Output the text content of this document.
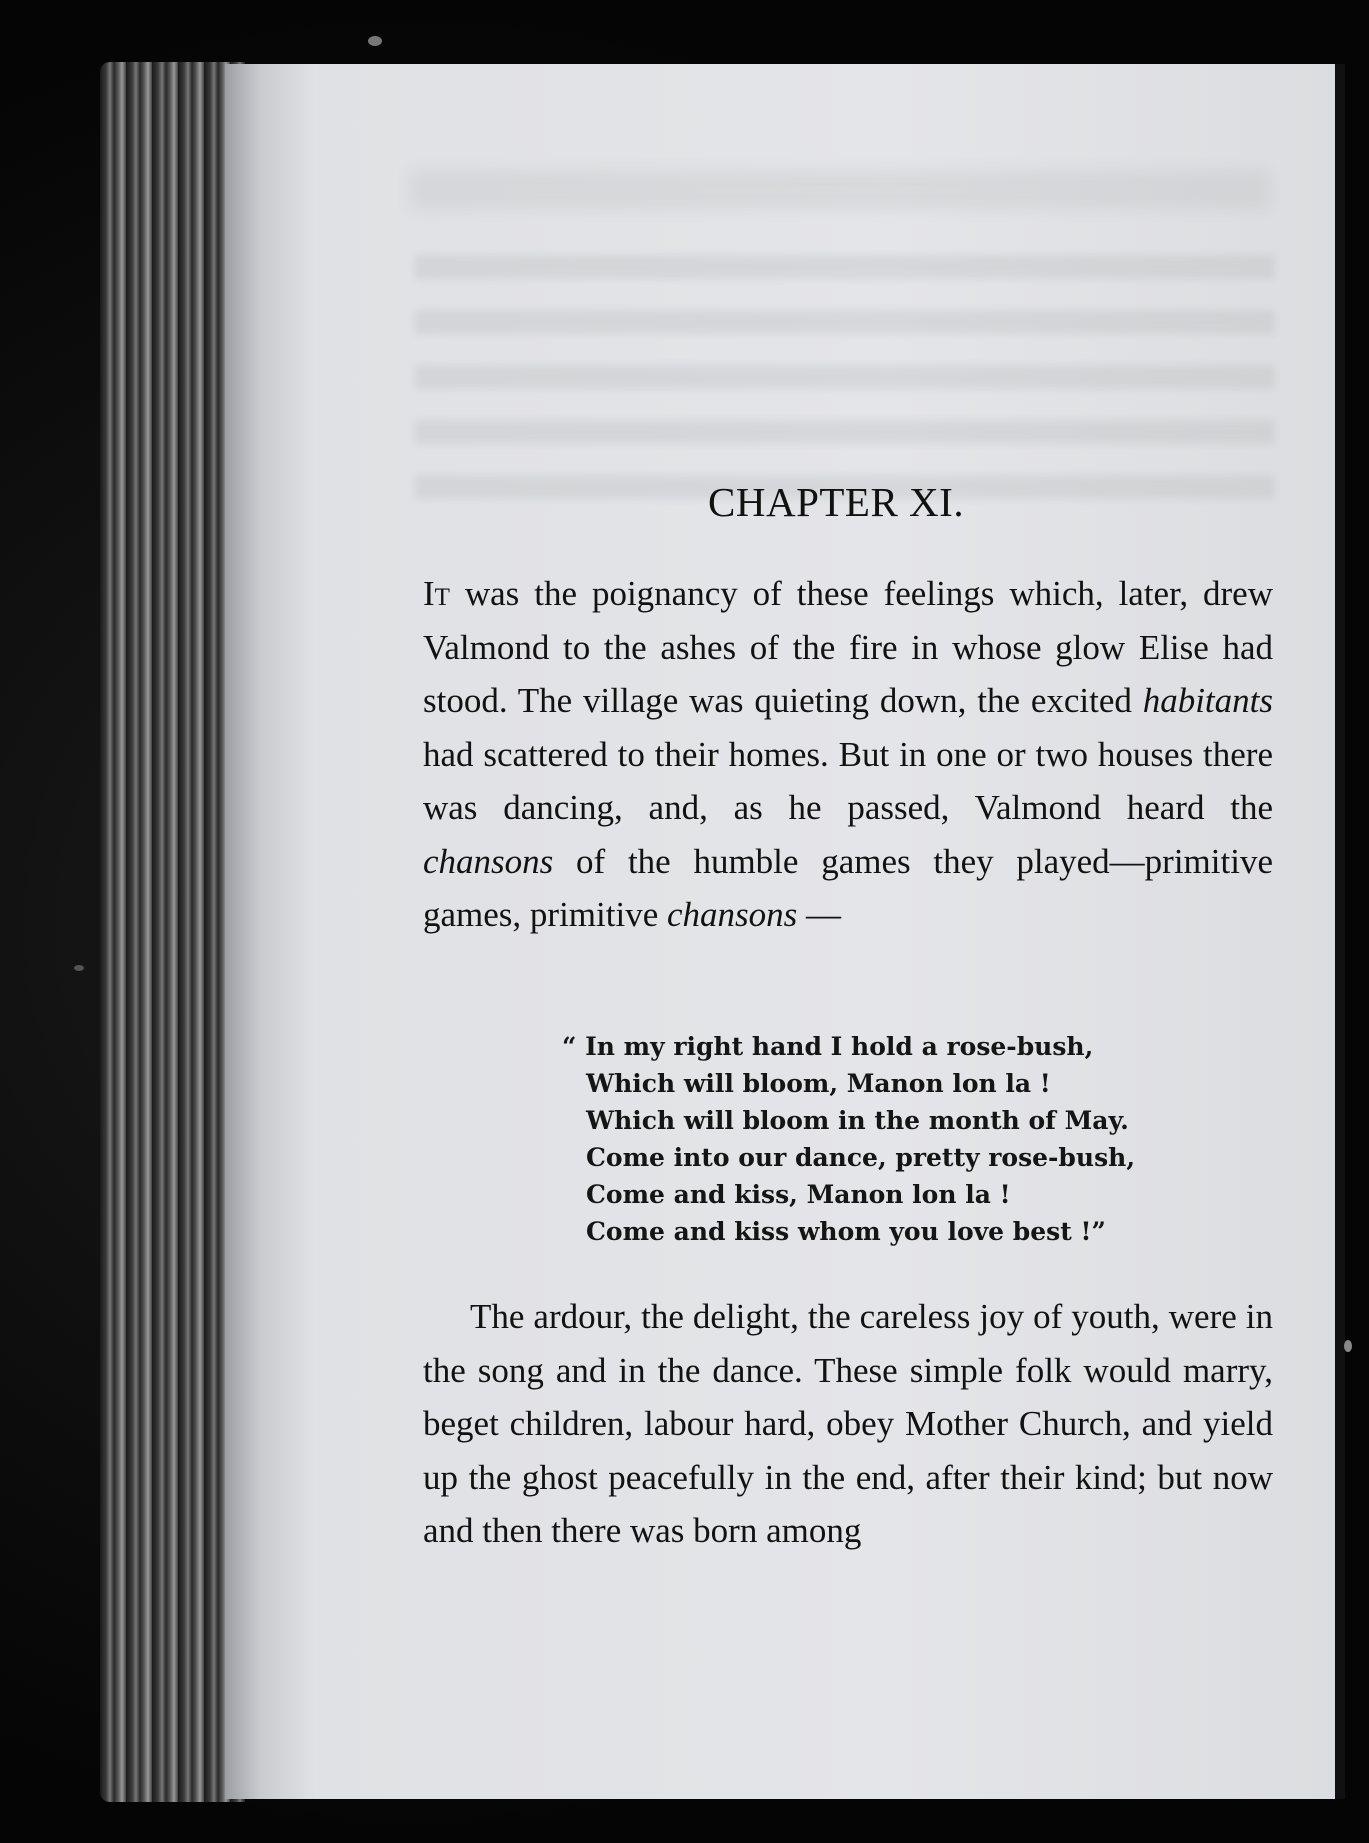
CHAPTER XI.

It was the poignancy of these feelings which, later, drew Valmond to the ashes of the fire in whose glow Elise had stood. The village was quieting down, the excited habitants had scattered to their homes. But in one or two houses there was dancing, and, as he passed, Valmond heard the chansons of the humble games they played—primitive games, primitive chansons —

“ In my right hand I hold a rose-bush,
Which will bloom, Manon lon la !
Which will bloom in the month of May.
Come into our dance, pretty rose-bush,
Come and kiss, Manon lon la !
Come and kiss whom you love best !”

The ardour, the delight, the careless joy of youth, were in the song and in the dance. These simple folk would marry, beget children, labour hard, obey Mother Church, and yield up the ghost peacefully in the end, after their kind; but now and then there was born among
